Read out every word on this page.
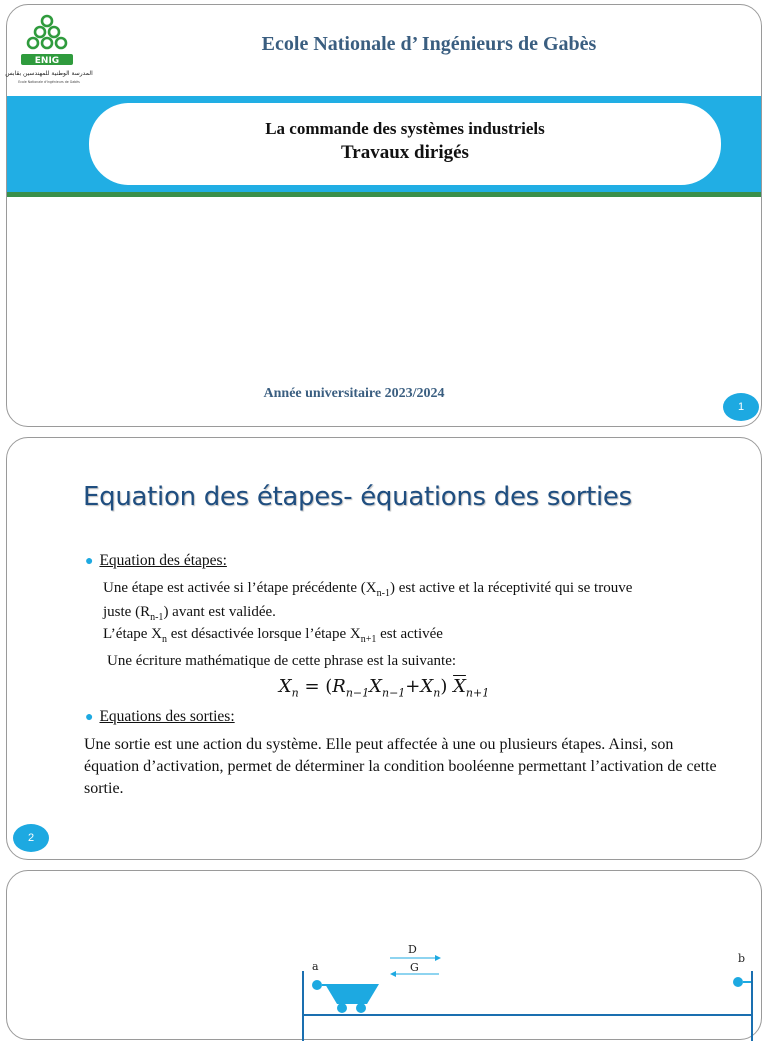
ENIG
المدرسة الوطنية للمهندسين بقابس
Ecole Nationale d'Ingénieurs de Gabès
Ecole Nationale d’ Ingénieurs de Gabès
La commande des systèmes industriels
Travaux dirigés
Année universitaire 2023/2024
1
Equation des étapes- équations des sorties
● Equation des étapes:
Une étape est activée si l’étape précédente $(X_{n-1})$ est active et la réceptivité qui se trouve
juste $(R_{n-1})$ avant est validée.
L’étape $X_n$ est désactivée lorsque l’étape $X_{n+1}$ est activée
Une écriture mathématique de cette phrase est la suivante:
$X_n = (R_{n-1}X_{n-1}+X_n)$ $\overline{X}_{n+1}$
● Equations des sorties:
Une sortie est une action du système. Elle peut affectée à une ou plusieurs étapes. Ainsi, son équation d’activation, permet de déterminer la condition booléenne permettant l’activation de cette sortie.
2
D
G
a
b
